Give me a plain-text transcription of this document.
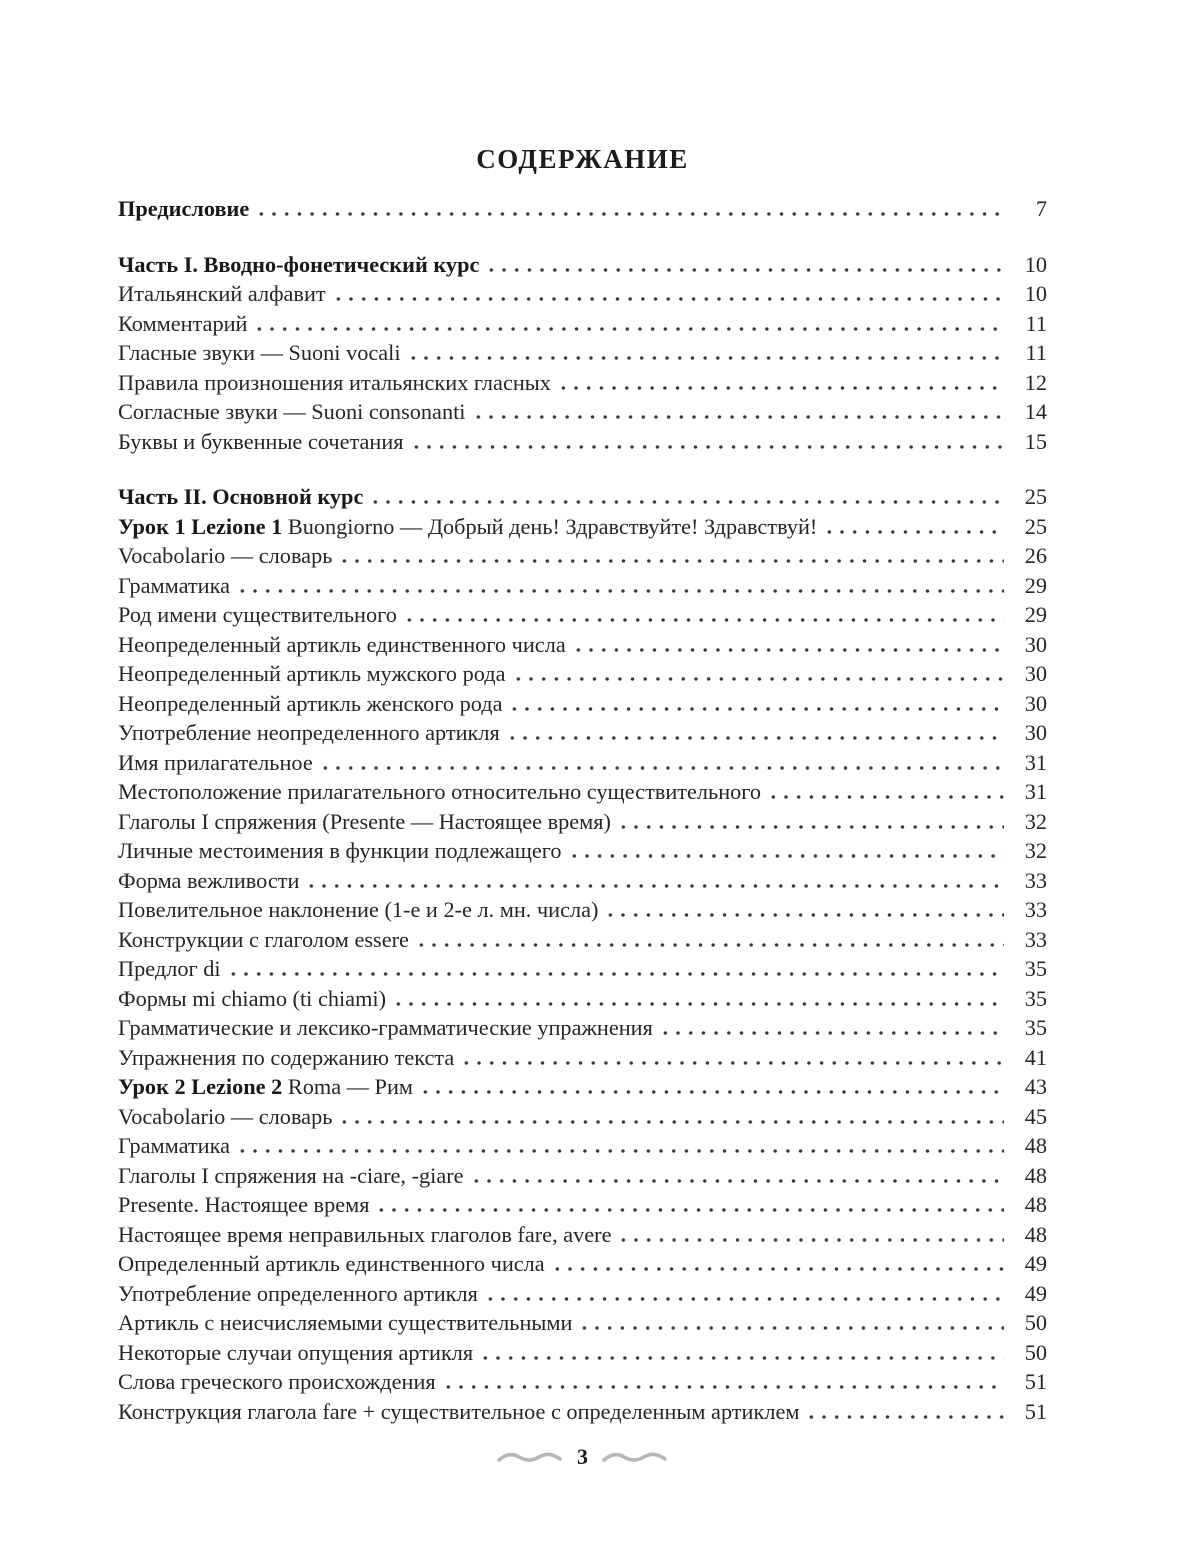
СОДЕРЖАНИЕ
Предисловие	7
Часть I. Вводно-фонетический курс	10
Итальянский алфавит	10
Комментарий	11
Гласные звуки — Suoni vocali	11
Правила произношения итальянских гласных	12
Согласные звуки — Suoni consonanti	14
Буквы и буквенные сочетания	15
Часть II. Основной курс	25
Урок 1 Lezione 1 Buongiorno — Добрый день! Здравствуйте! Здравствуй!	25
Vocabolario — словарь	26
Грамматика	29
Род имени существительного	29
Неопределенный артикль единственного числа	30
Неопределенный артикль мужского рода	30
Неопределенный артикль женского рода	30
Употребление неопределенного артикля	30
Имя прилагательное	31
Местоположение прилагательного относительно существительного	31
Глаголы I спряжения (Presente — Настоящее время)	32
Личные местоимения в функции подлежащего	32
Форма вежливости	33
Повелительное наклонение (1-е и 2-е л. мн. числа)	33
Конструкции с глаголом essere	33
Предлог di	35
Формы mi chiamo (ti chiami)	35
Грамматические и лексико-грамматические упражнения	35
Упражнения по содержанию текста	41
Урок 2 Lezione 2 Roma — Рим	43
Vocabolario — словарь	45
Грамматика	48
Глаголы I спряжения на -ciare, -giare	48
Presente. Настоящее время	48
Настоящее время неправильных глаголов fare, avere	48
Определенный артикль единственного числа	49
Употребление определенного артикля	49
Артикль с неисчисляемыми существительными	50
Некоторые случаи опущения артикля	50
Слова греческого происхождения	51
Конструкция глагола fare + существительное с определенным артиклем	51
3
